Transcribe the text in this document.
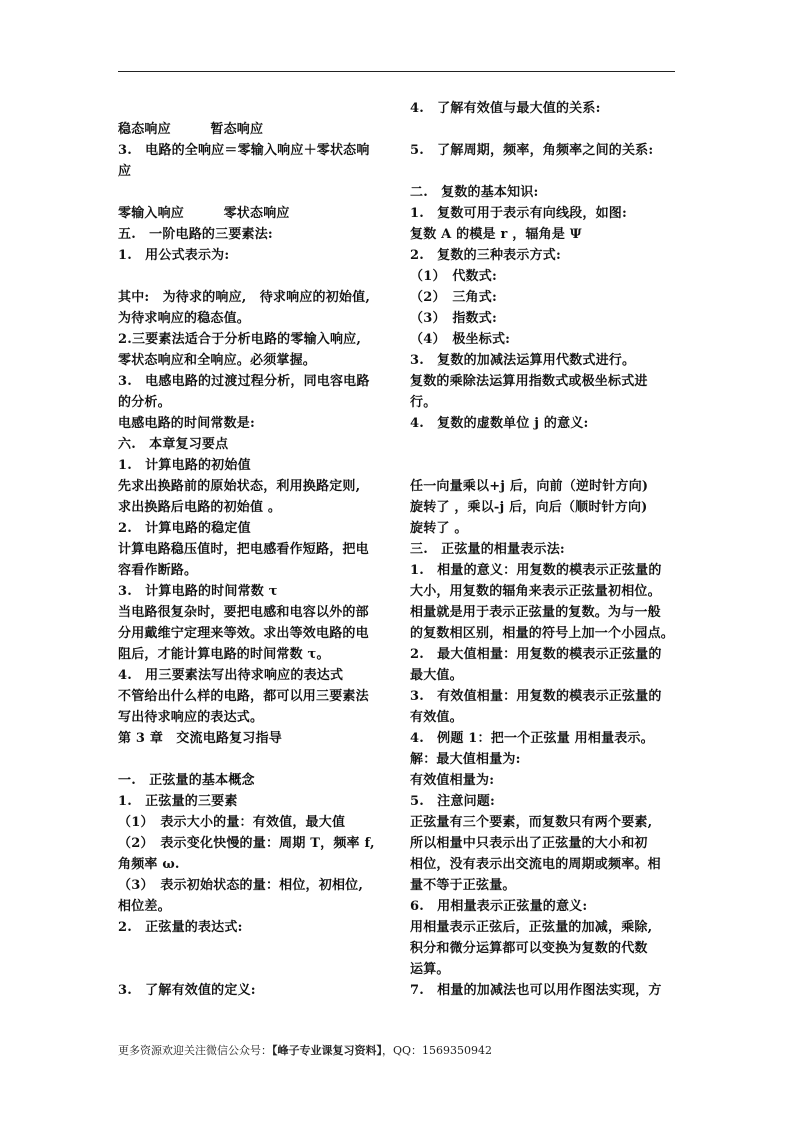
稳态响应　　　暂态响应
3.　电路的全响应＝零输入响应＋零状态响
应
零输入响应　　　零状态响应
五.　一阶电路的三要素法:
1.　用公式表示为:
其中:　为待求的响应,　待求响应的初始值,
为待求响应的稳态值。
2.三要素法适合于分析电路的零输入响应,
零状态响应和全响应。必须掌握。
3.　电感电路的过渡过程分析，同电容电路
的分析。
电感电路的时间常数是:
六.　本章复习要点
1.　计算电路的初始值
先求出换路前的原始状态，利用换路定则,
求出换路后电路的初始值 。
2.　计算电路的稳定值
计算电路稳压值时，把电感看作短路，把电
容看作断路。
3.　计算电路的时间常数 τ
当电路很复杂时，要把电感和电容以外的部
分用戴维宁定理来等效。求出等效电路的电
阻后，才能计算电路的时间常数 τ。
4.　用三要素法写出待求响应的表达式
不管给出什么样的电路，都可以用三要素法
写出待求响应的表达式。
第 3 章　交流电路复习指导
一.　正弦量的基本概念
1.　正弦量的三要素
（1）　表示大小的量：有效值，最大值
（2）　表示变化快慢的量：周期 T，频率 f,
角频率 ω.
（3）　表示初始状态的量：相位，初相位,
相位差。
2.　正弦量的表达式:
3.　了解有效值的定义:
4.　了解有效值与最大值的关系:
5.　了解周期，频率，角频率之间的关系:
二.　复数的基本知识:
1.　复数可用于表示有向线段，如图:
复数 A 的模是 r ，辐角是 Ψ
2.　复数的三种表示方式:
（1）　代数式:
（2）　三角式:
（3）　指数式:
（4）　极坐标式:
3.　复数的加减法运算用代数式进行。
复数的乘除法运算用指数式或极坐标式进
行。
4.　复数的虚数单位 j 的意义:
任一向量乘以+j 后，向前（逆时针方向)
旋转了 ，乘以-j 后，向后（顺时针方向)
旋转了 。
三.　正弦量的相量表示法:
1.　相量的意义：用复数的模表示正弦量的
大小，用复数的辐角来表示正弦量初相位。
相量就是用于表示正弦量的复数。为与一般
的复数相区别，相量的符号上加一个小园点。
2.　最大值相量：用复数的模表示正弦量的
最大值。
3.　有效值相量：用复数的模表示正弦量的
有效值。
4.　例题 1：把一个正弦量 用相量表示。
解：最大值相量为:
有效值相量为:
5.　注意问题:
正弦量有三个要素，而复数只有两个要素,
所以相量中只表示出了正弦量的大小和初
相位，没有表示出交流电的周期或频率。相
量不等于正弦量。
6.　用相量表示正弦量的意义:
用相量表示正弦后，正弦量的加减，乘除,
积分和微分运算都可以变换为复数的代数
运算。
7.　相量的加减法也可以用作图法实现，方
更多资源欢迎关注微信公众号：【峰子专业课复习资料】，QQ：1569350942
